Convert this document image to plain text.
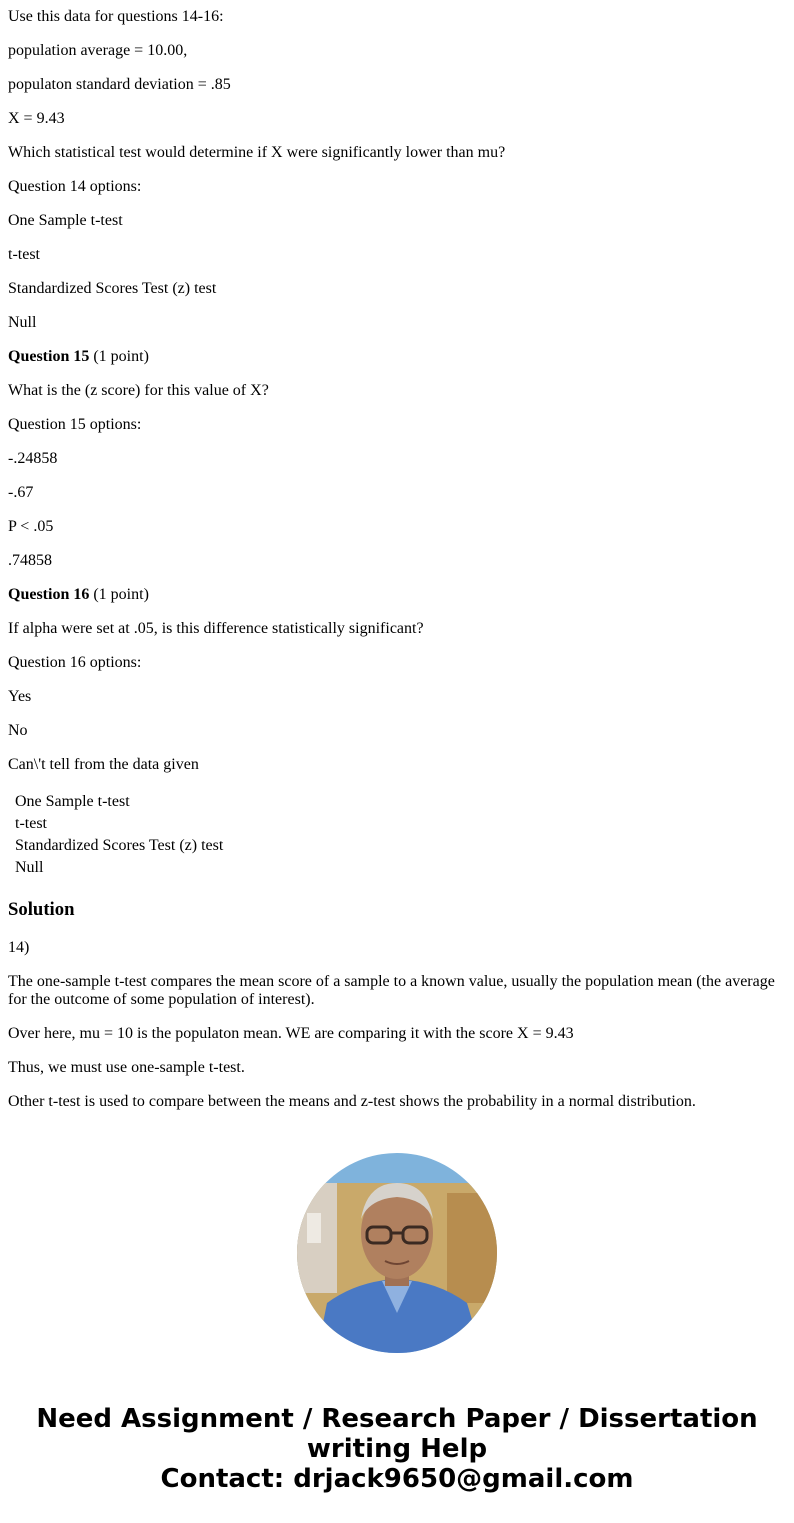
Use this data for questions 14-16:

population average = 10.00,

populaton standard deviation = .85

X = 9.43

Which statistical test would determine if X were significantly lower than mu?

Question 14 options:

One Sample t-test

t-test

Standardized Scores Test (z) test

Null

Question 15 (1 point)

What is the (z score) for this value of X?

Question 15 options:

-.24858

-.67

P < .05

.74858

Question 16 (1 point)

If alpha were set at .05, is this difference statistically significant?

Question 16 options:

Yes

No

Can\'t tell from the data given

One Sample t-test
t-test
Standardized Scores Test (z) test
Null
Solution

14)

The one-sample t-test compares the mean score of a sample to a known value, usually the population mean (the average for the outcome of some population of interest).

Over here, mu = 10 is the populaton mean. WE are comparing it with the score X = 9.43

Thus, we must use one-sample t-test.

Other t-test is used to compare between the means and z-test shows the probability in a normal distribution.

Need Assignment / Research Paper / Dissertation
writing Help
Contact: drjack9650@gmail.com
